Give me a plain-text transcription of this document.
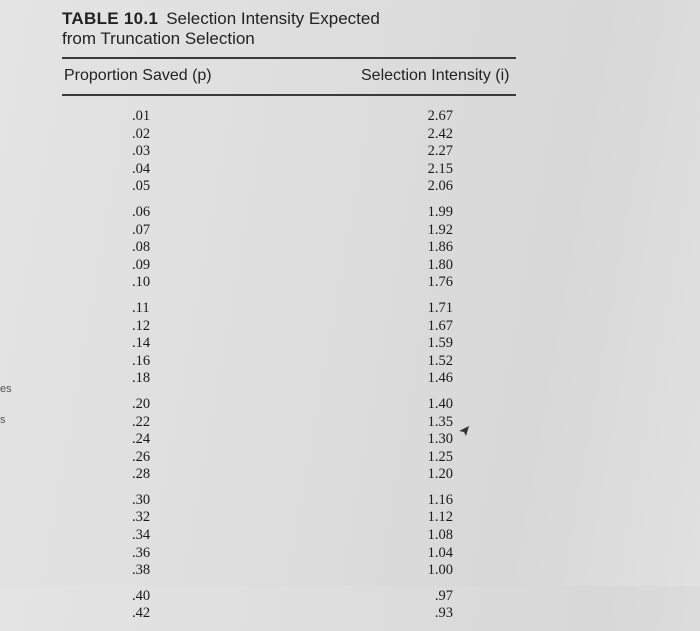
es
s
TABLE 10.1 Selection Intensity Expected
from Truncation Selection
Proportion Saved (p)	Selection Intensity (i)
.01
.02
.03
.04
.05
.06
.07
.08
.09
.10
.11
.12
.14
.16
.18
.20
.22
.24
.26
.28
.30
.32
.34
.36
.38
.40
.42
2.67
2.42
2.27
2.15
2.06
1.99
1.92
1.86
1.80
1.76
1.71
1.67
1.59
1.52
1.46
1.40
1.35
1.30
1.25
1.20
1.16
1.12
1.08
1.04
1.00
.97
.93
